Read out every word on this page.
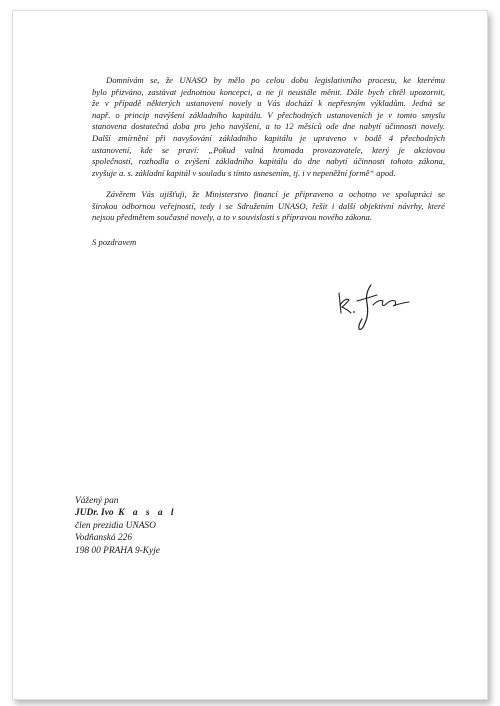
Domnívám se, že UNASO by mělo po celou dobu legislativního procesu, ke kterému
bylo přizváno, zastávat jednotnou koncepci, a ne ji neustále měnit. Dále bych chtěl upozornit,
že v případě některých ustanovení novely u Vás dochází k nepřesným výkladům. Jedná se
např. o princip navýšení základního kapitálu. V přechodných ustanoveních je v tomto smyslu
stanovena dostatečná doba pro jeho navýšení, a to 12 měsíců ode dne nabytí účinnosti novely.
Další zmírnění při navyšování základního kapitálu je upraveno v bodě 4 přechodných
ustanovení, kde se praví: „Pokud valná hromada provozovatele, který je akciovou
společností, rozhodla o zvýšení základního kapitálu do dne nabytí účinnosti tohoto zákona,
zvyšuje a. s. základní kapitál v souladu s tímto usnesením, tj. i v nepeněžní formě“ apod.

Závěrem Vás ujišťuji, že Ministerstvo financí je připraveno a ochotno ve spolupráci se
širokou odbornou veřejností, tedy i se Sdružením UNASO, řešit i další objektivní návrhy, které
nejsou předmětem současné novely, a to v souvislosti s přípravou nového zákona.

S pozdravem

Vážený pan
JUDr. Ivo K a s a l
člen prezidia UNASO
Vodňanská 226
198 00 PRAHA 9-Kyje
